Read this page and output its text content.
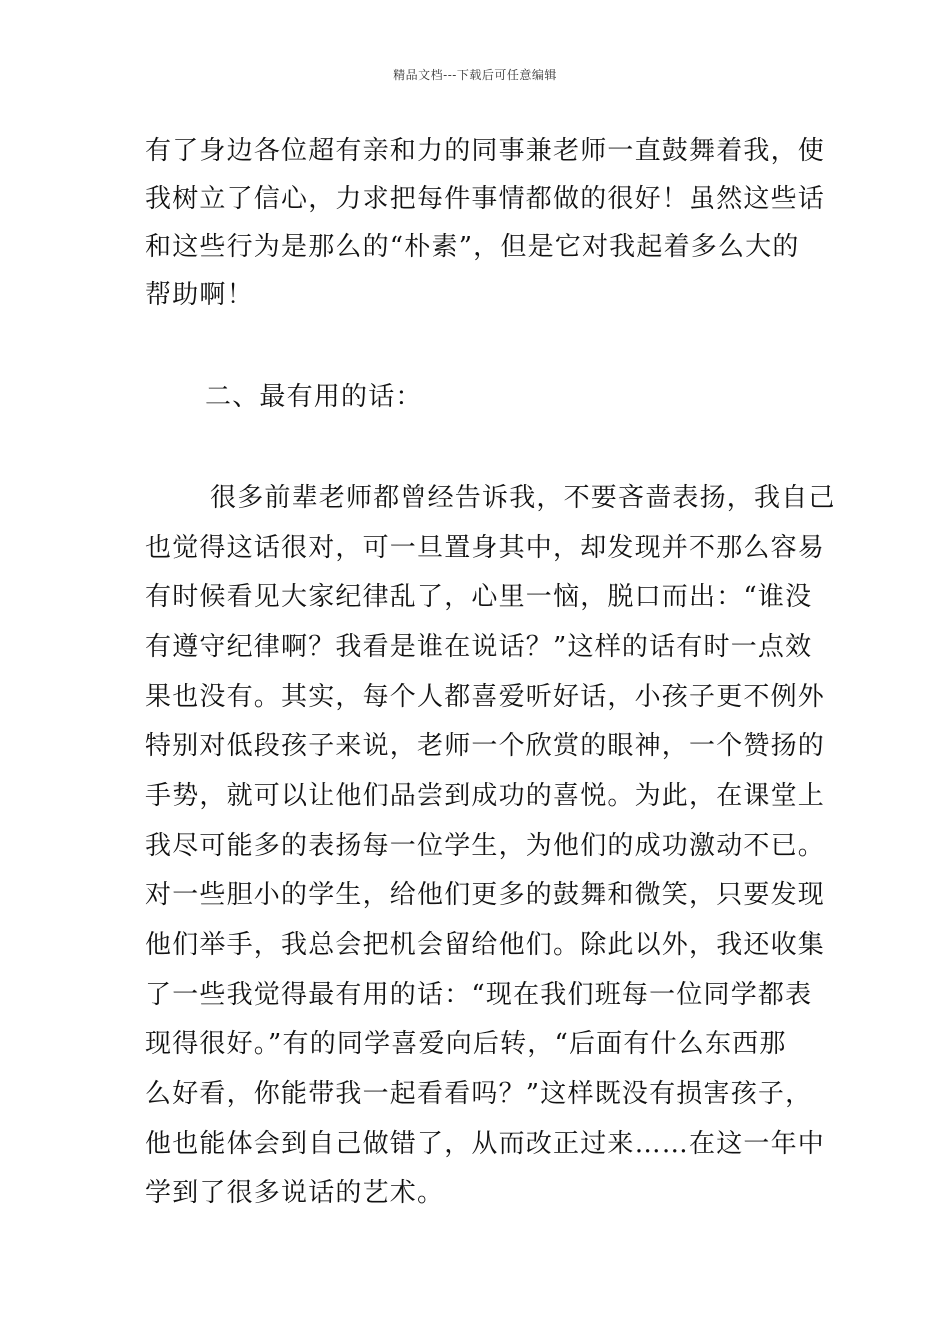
精品文档---下载后可任意编辑
有了身边各位超有亲和力的同事兼老师一直鼓舞着我，使
我树立了信心，力求把每件事情都做的很好！虽然这些话
和这些行为是那么的“朴素”，但是它对我起着多么大的
帮助啊！
二、最有用的话：
很多前辈老师都曾经告诉我，不要吝啬表扬，我自己
也觉得这话很对，可一旦置身其中，却发现并不那么容易
有时候看见大家纪律乱了，心里一恼，脱口而出：“谁没
有遵守纪律啊？我看是谁在说话？”这样的话有时一点效
果也没有。其实，每个人都喜爱听好话，小孩子更不例外
特别对低段孩子来说，老师一个欣赏的眼神，一个赞扬的
手势，就可以让他们品尝到成功的喜悦。为此，在课堂上
我尽可能多的表扬每一位学生，为他们的成功激动不已。
对一些胆小的学生，给他们更多的鼓舞和微笑，只要发现
他们举手，我总会把机会留给他们。除此以外，我还收集
了一些我觉得最有用的话：“现在我们班每一位同学都表
现得很好。”有的同学喜爱向后转，“后面有什么东西那
么好看，你能带我一起看看吗？”这样既没有损害孩子，
他也能体会到自己做错了，从而改正过来……在这一年中
学到了很多说话的艺术。
